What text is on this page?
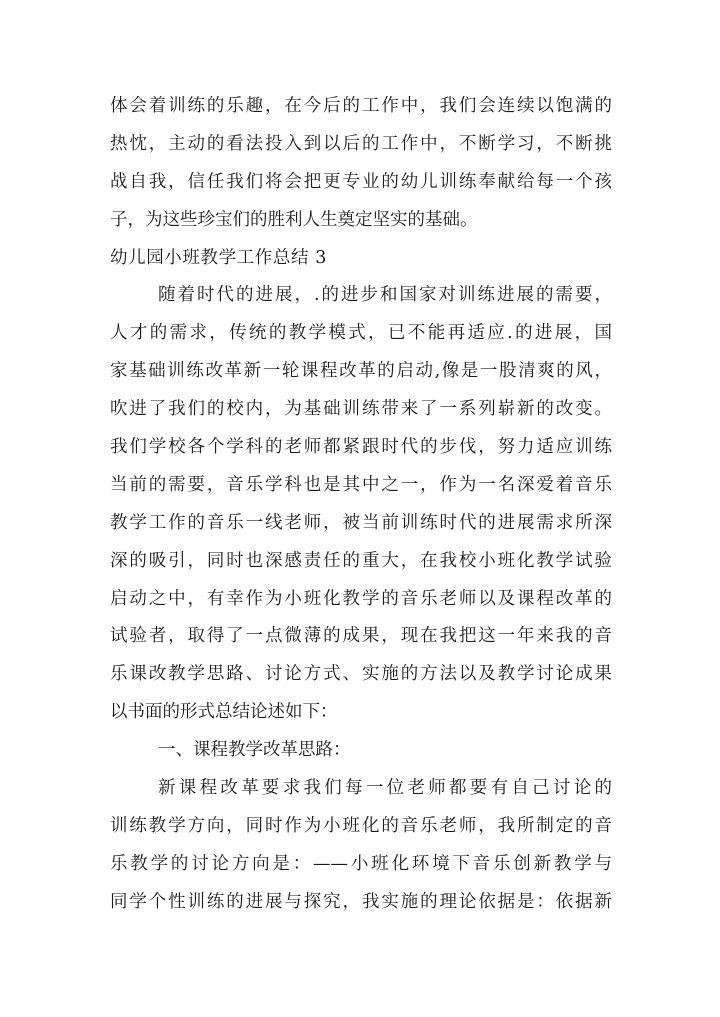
体会着训练的乐趣，在今后的工作中，我们会连续以饱满的
热忱，主动的看法投入到以后的工作中，不断学习，不断挑
战自我，信任我们将会把更专业的幼儿训练奉献给每一个孩
子，为这些珍宝们的胜利人生奠定坚实的基础。
幼儿园小班教学工作总结 3
随着时代的进展，.的进步和国家对训练进展的需要，
人才的需求，传统的教学模式，已不能再适应.的进展，国
家基础训练改革新一轮课程改革的启动,像是一股清爽的风，
吹进了我们的校内，为基础训练带来了一系列崭新的改变。
我们学校各个学科的老师都紧跟时代的步伐，努力适应训练
当前的需要，音乐学科也是其中之一，作为一名深爱着音乐
教学工作的音乐一线老师，被当前训练时代的进展需求所深
深的吸引，同时也深感责任的重大，在我校小班化教学试验
启动之中，有幸作为小班化教学的音乐老师以及课程改革的
试验者，取得了一点微薄的成果，现在我把这一年来我的音
乐课改教学思路、讨论方式、实施的方法以及教学讨论成果
以书面的形式总结论述如下：
一、课程教学改革思路：
新课程改革要求我们每一位老师都要有自己讨论的
训练教学方向，同时作为小班化的音乐老师，我所制定的音
乐教学的讨论方向是：——小班化环境下音乐创新教学与
同学个性训练的进展与探究，我实施的理论依据是：依据新
